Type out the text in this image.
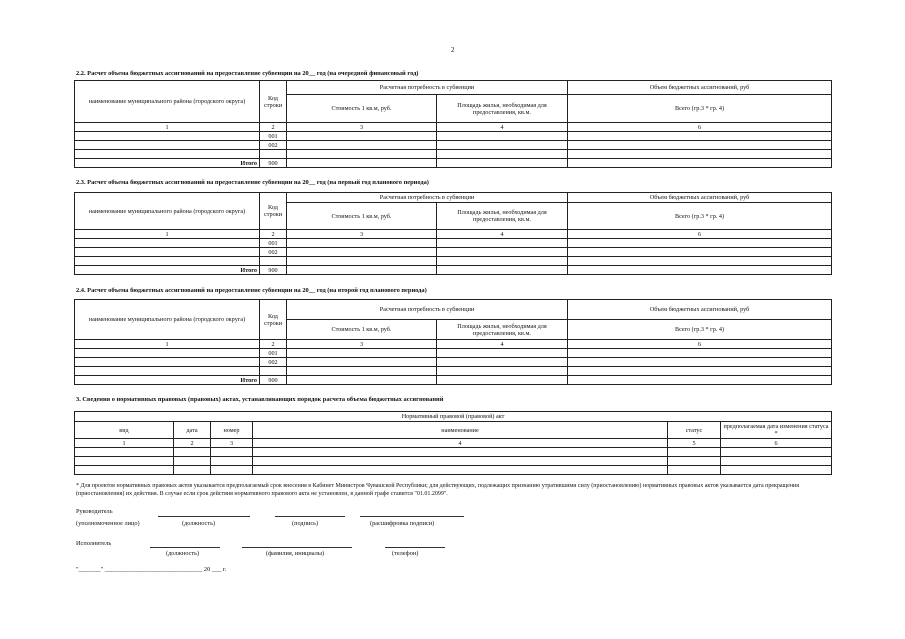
2
2.2. Расчет объема бюджетных ассигнований на предоставление субвенции на 20__ год (на очередной финансовый год)
наименование муниципального района (городского округа)	Код строки	Расчетная потребность в субвенции		Объем бюджетных ассигнований, руб
		Стоимость 1 кв.м, руб.	Площадь жилья, необходимая для предоставления, кв.м.	Всего (гр.3 * гр. 4)
1	2	3	4	6
	001			
	002			

Итого	900			
2.3. Расчет объема бюджетных ассигнований на предоставление субвенции на 20__ год (на первый год планового периода)
наименование муниципального района (городского округа)	Код строки	Расчетная потребность в субвенции		Объем бюджетных ассигнований, руб
		Стоимость 1 кв.м, руб.	Площадь жилья, необходимая для предоставления, кв.м.	Всего (гр.3 * гр. 4)
1	2	3	4	6
	001			
	002			

Итого	900			
2.4. Расчет объема бюджетных ассигнований на предоставление субвенции на 20__ год (на второй год планового периода)
наименование муниципального района (городского округа)	Код строки	Расчетная потребность в субвенции		Объем бюджетных ассигнований, руб
		Стоимость 1 кв.м, руб.	Площадь жилья, необходимая для предоставления, кв.м.	Всего (гр.3 * гр. 4)
1	2	3	4	6
	001			
	002			

Итого	900			
3. Сведения о нормативных правовых (правовых) актах, устанавливающих порядок расчета объема бюджетных ассигнований
Нормативный правовой (правовой) акт					
вид	дата	номер	наименование	статус	предполагаемая дата изменения статуса *
1	2	3	4	5	6

* Для проектов нормативных правовых актов указывается предполагаемый срок внесения в Кабинет Министров Чувашской Республики; для действующих, подлежащих признанию утратившими силу (приостановлению) нормативных правовых актов указывается дата прекращения (приостановления) их действия. В случае если срок действия нормативного правового акта не установлен, в данной графе ставится "01.01.2099".
Руководитель
(уполномоченное лицо)	(должность)	(подпись)	(расшифровка подписи)
Исполнитель
(должность)	(фамилия, инициалы)	(телефон)
"_______" _______________________________ 20 ___ г.
